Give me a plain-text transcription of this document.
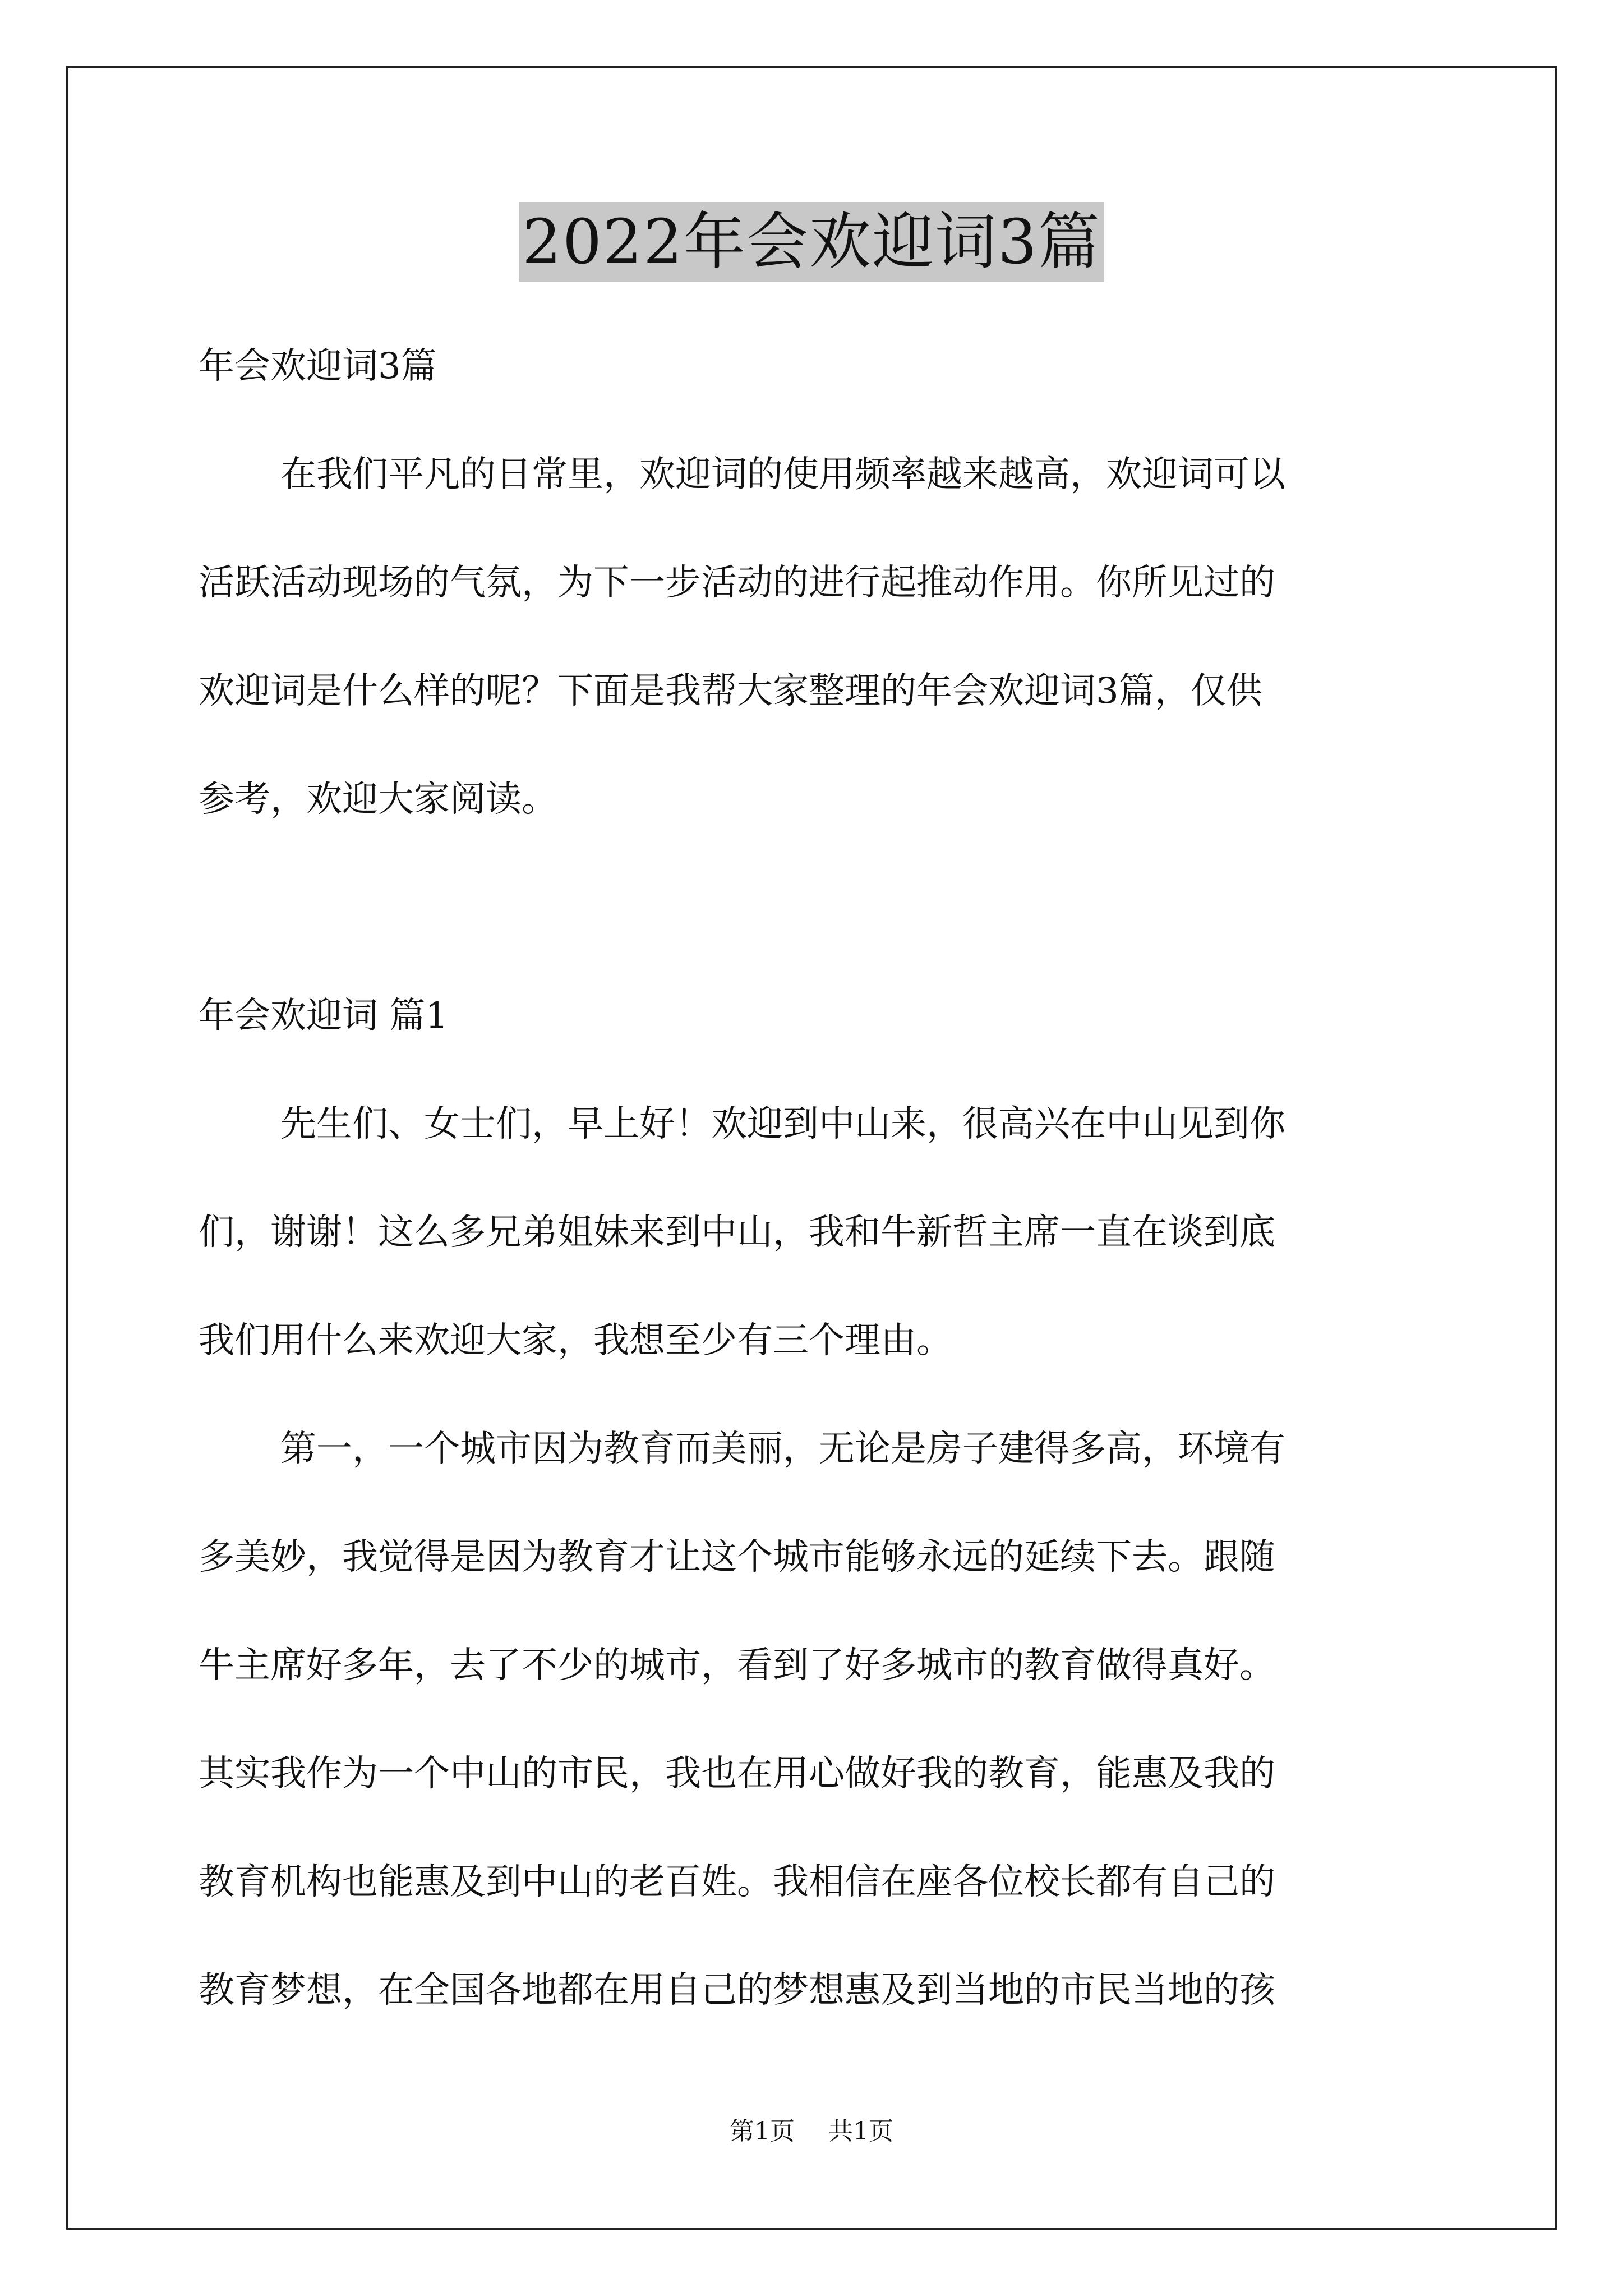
2022年会欢迎词3篇

年会欢迎词3篇

在我们平凡的日常里，欢迎词的使用频率越来越高，欢迎词可以

活跃活动现场的气氛，为下一步活动的进行起推动作用。你所见过的

欢迎词是什么样的呢？下面是我帮大家整理的年会欢迎词3篇，仅供

参考，欢迎大家阅读。

年会欢迎词 篇1

先生们、女士们，早上好！欢迎到中山来，很高兴在中山见到你

们，谢谢！这么多兄弟姐妹来到中山，我和牛新哲主席一直在谈到底

我们用什么来欢迎大家，我想至少有三个理由。

第一，一个城市因为教育而美丽，无论是房子建得多高，环境有

多美妙，我觉得是因为教育才让这个城市能够永远的延续下去。跟随

牛主席好多年，去了不少的城市，看到了好多城市的教育做得真好。

其实我作为一个中山的市民，我也在用心做好我的教育，能惠及我的

教育机构也能惠及到中山的老百姓。我相信在座各位校长都有自己的

教育梦想，在全国各地都在用自己的梦想惠及到当地的市民当地的孩

第1页 共1页
